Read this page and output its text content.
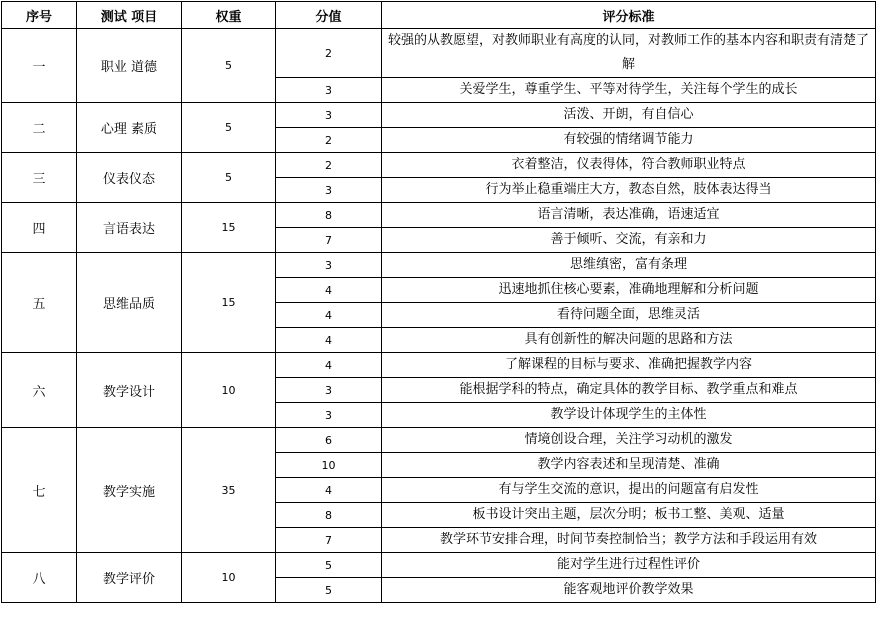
序号	测试 项目	权重	分值	评分标准
一	职业 道德	5	2	较强的从教愿望，对教师职业有高度的认同，对教师工作的基本内容和职责有清楚了解
			3	关爱学生，尊重学生、平等对待学生，关注每个学生的成长
二	心理 素质	5	3	活泼、开朗，有自信心
			2	有较强的情绪调节能力
三	仪表仪态	5	2	衣着整洁，仪表得体，符合教师职业特点
			3	行为举止稳重端庄大方，教态自然，肢体表达得当
四	言语表达	15	8	语言清晰，表达准确，语速适宜
			7	善于倾听、交流，有亲和力
五	思维品质	15	3	思维缜密，富有条理
			4	迅速地抓住核心要素，准确地理解和分析问题
			4	看待问题全面，思维灵活
			4	具有创新性的解决问题的思路和方法
六	教学设计	10	4	了解课程的目标与要求、准确把握教学内容
			3	能根据学科的特点，确定具体的教学目标、教学重点和难点
			3	教学设计体现学生的主体性
七	教学实施	35	6	情境创设合理，关注学习动机的激发
			10	教学内容表述和呈现清楚、准确
			4	有与学生交流的意识，提出的问题富有启发性
			8	板书设计突出主题，层次分明；板书工整、美观、适量
			7	教学环节安排合理，时间节奏控制恰当；教学方法和手段运用有效
八	教学评价	10	5	能对学生进行过程性评价
			5	能客观地评价教学效果
